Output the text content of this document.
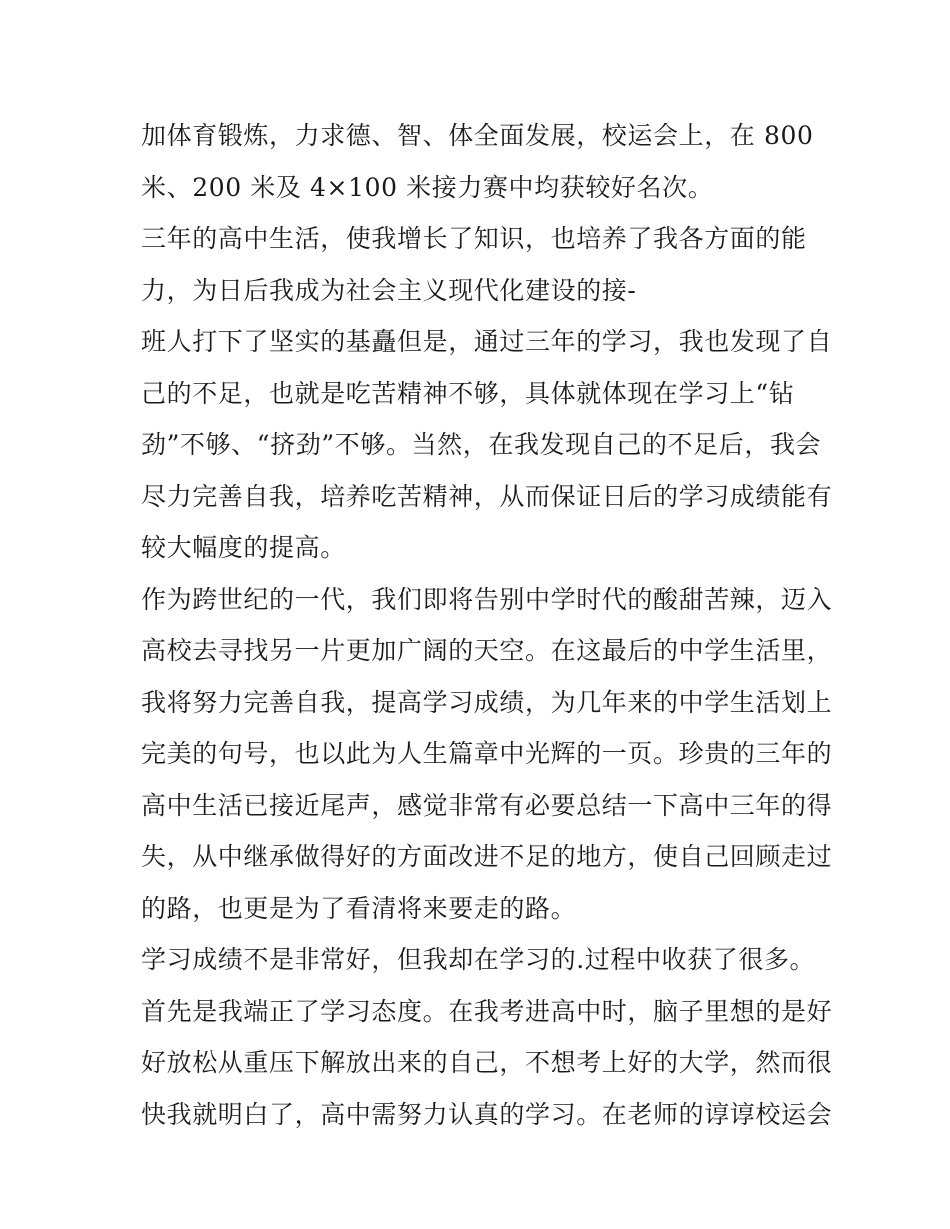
加体育锻炼，力求德、智、体全面发展，校运会上，在 800
米、200 米及 4×100 米接力赛中均获较好名次。
三年的高中生活，使我增长了知识，也培养了我各方面的能
力，为日后我成为社会主义现代化建设的接-
班人打下了坚实的基矗但是，通过三年的学习，我也发现了自
己的不足，也就是吃苦精神不够，具体就体现在学习上“钻
劲”不够、“挤劲”不够。当然，在我发现自己的不足后，我会
尽力完善自我，培养吃苦精神，从而保证日后的学习成绩能有
较大幅度的提高。
作为跨世纪的一代，我们即将告别中学时代的酸甜苦辣，迈入
高校去寻找另一片更加广阔的天空。在这最后的中学生活里，
我将努力完善自我，提高学习成绩，为几年来的中学生活划上
完美的句号，也以此为人生篇章中光辉的一页。珍贵的三年的
高中生活已接近尾声，感觉非常有必要总结一下高中三年的得
失，从中继承做得好的方面改进不足的地方，使自己回顾走过
的路，也更是为了看清将来要走的路。
学习成绩不是非常好，但我却在学习的.过程中收获了很多。
首先是我端正了学习态度。在我考进高中时，脑子里想的是好
好放松从重压下解放出来的自己，不想考上好的大学，然而很
快我就明白了，高中需努力认真的学习。在老师的谆谆校运会
